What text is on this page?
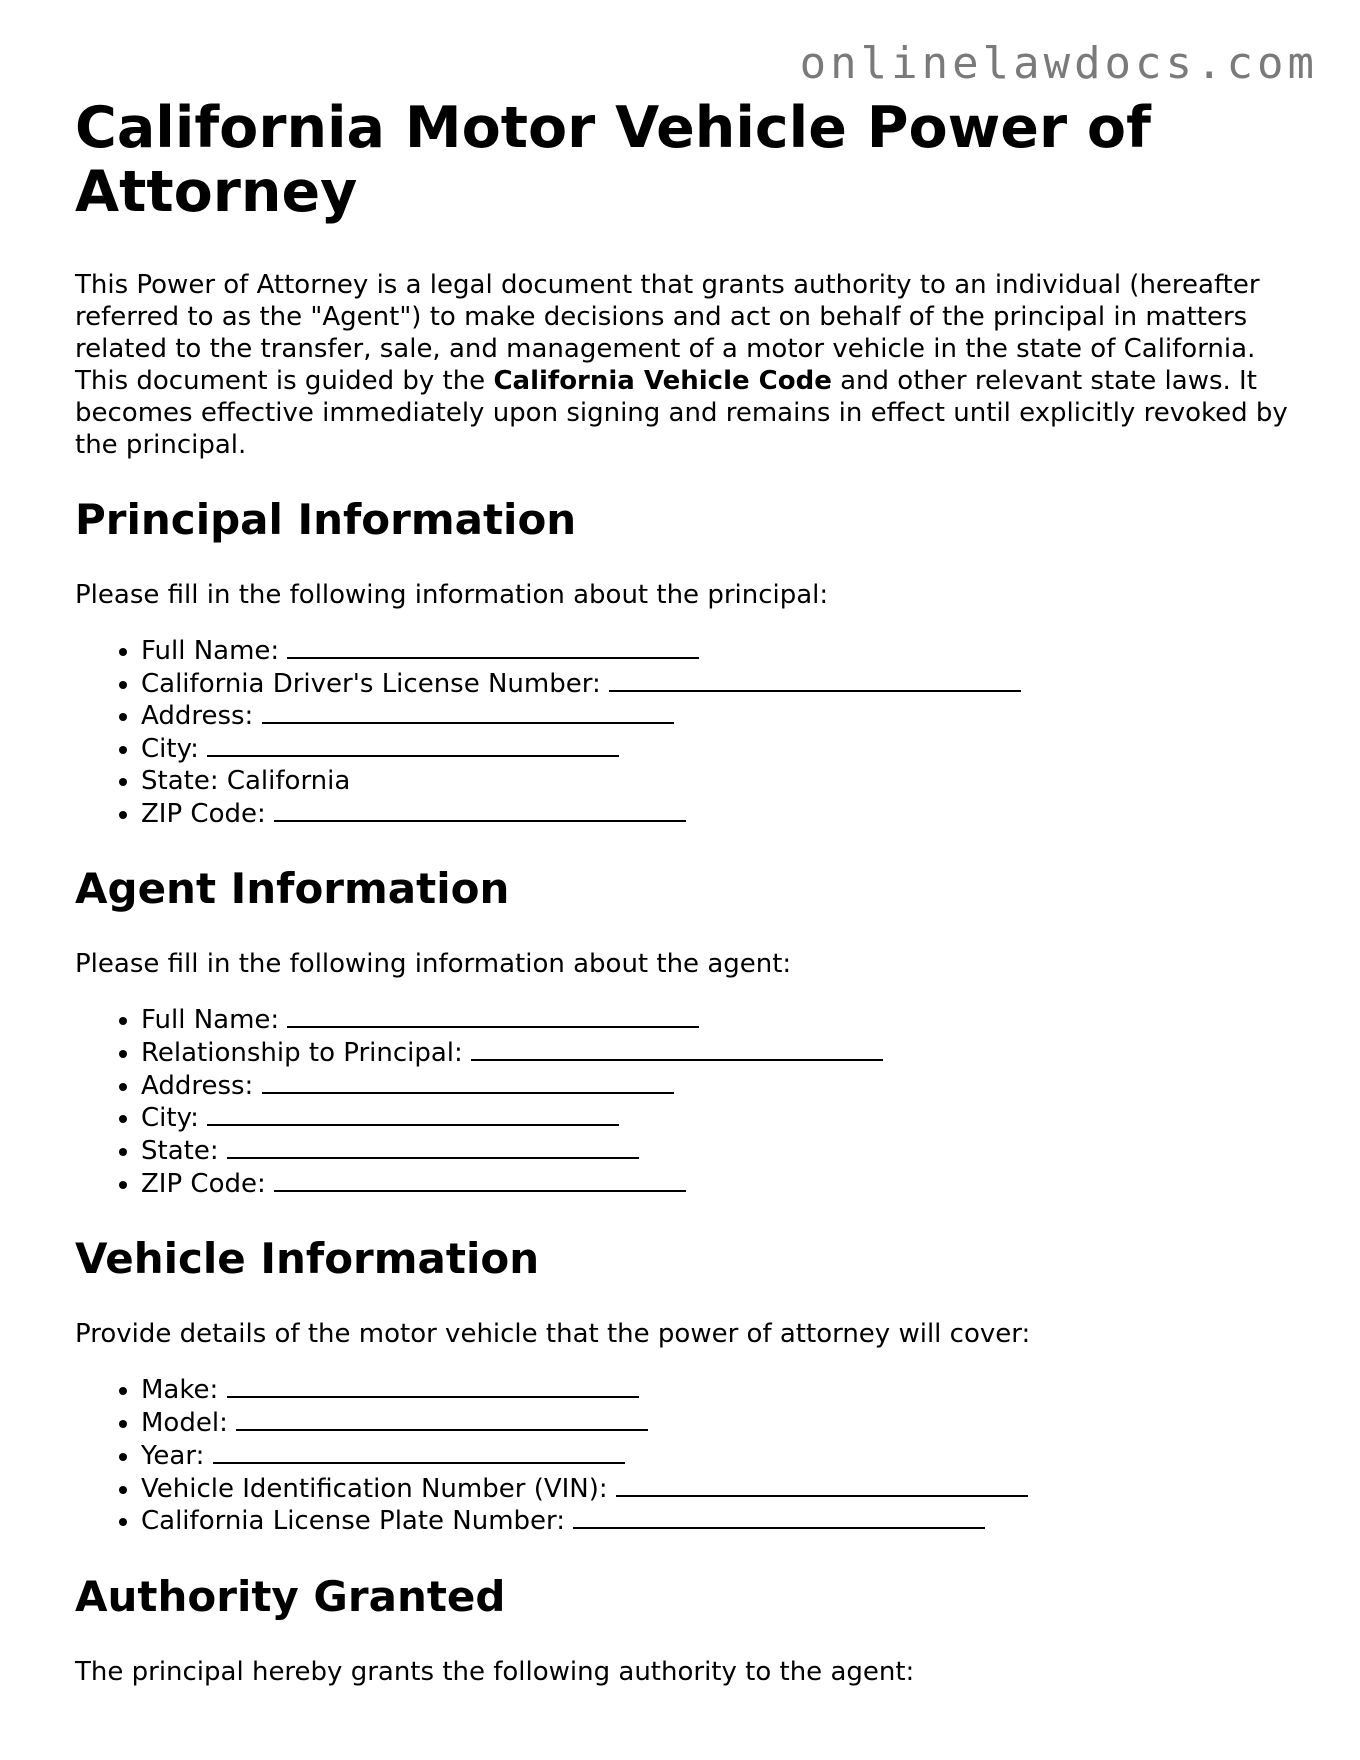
onlinelawdocs.com
California Motor Vehicle Power of Attorney

This Power of Attorney is a legal document that grants authority to an individual (hereafter referred to as the "Agent") to make decisions and act on behalf of the principal in matters related to the transfer, sale, and management of a motor vehicle in the state of California. This document is guided by the California Vehicle Code and other relevant state laws. It becomes effective immediately upon signing and remains in effect until explicitly revoked by the principal.

Principal Information

Please fill in the following information about the principal:

• Full Name:
• California Driver's License Number:
• Address:
• City:
• State: California
• ZIP Code:
Agent Information

Please fill in the following information about the agent:

• Full Name:
• Relationship to Principal:
• Address:
• City:
• State:
• ZIP Code:
Vehicle Information

Provide details of the motor vehicle that the power of attorney will cover:

• Make:
• Model:
• Year:
• Vehicle Identification Number (VIN):
• California License Plate Number:
Authority Granted

The principal hereby grants the following authority to the agent:
